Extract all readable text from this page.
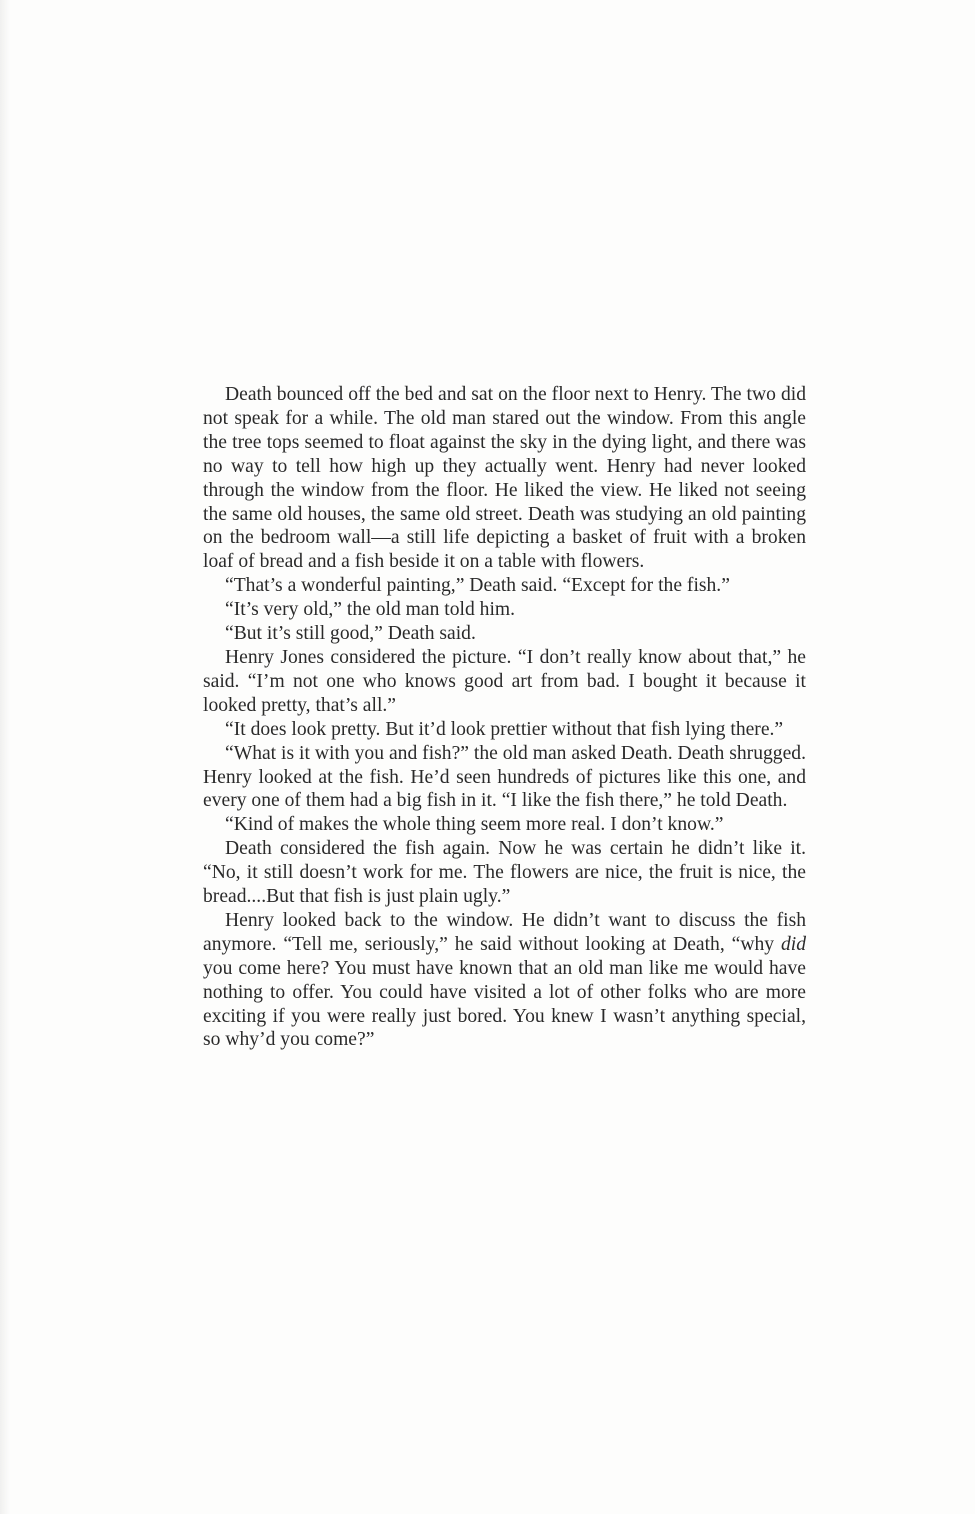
Death bounced off the bed and sat on the floor next to Henry. The two did not speak for a while. The old man stared out the window. From this angle the tree tops seemed to float against the sky in the dying light, and there was no way to tell how high up they actually went. Henry had never looked through the window from the floor. He liked the view. He liked not seeing the same old houses, the same old street. Death was studying an old painting on the bedroom wall—a still life depicting a basket of fruit with a broken loaf of bread and a fish beside it on a table with flowers.

“That’s a wonderful painting,” Death said. “Except for the fish.”

“It’s very old,” the old man told him.

“But it’s still good,” Death said.

Henry Jones considered the picture. “I don’t really know about that,” he said. “I’m not one who knows good art from bad. I bought it because it looked pretty, that’s all.”

“It does look pretty. But it’d look prettier without that fish lying there.”

“What is it with you and fish?” the old man asked Death. Death shrugged. Henry looked at the fish. He’d seen hundreds of pictures like this one, and every one of them had a big fish in it. “I like the fish there,” he told Death.

“Kind of makes the whole thing seem more real. I don’t know.”

Death considered the fish again. Now he was certain he didn’t like it. “No, it still doesn’t work for me. The flowers are nice, the fruit is nice, the bread....But that fish is just plain ugly.”

Henry looked back to the window. He didn’t want to discuss the fish anymore. “Tell me, seriously,” he said without looking at Death, “why did you come here? You must have known that an old man like me would have nothing to offer. You could have visited a lot of other folks who are more exciting if you were really just bored. You knew I wasn’t anything special, so why’d you come?”
